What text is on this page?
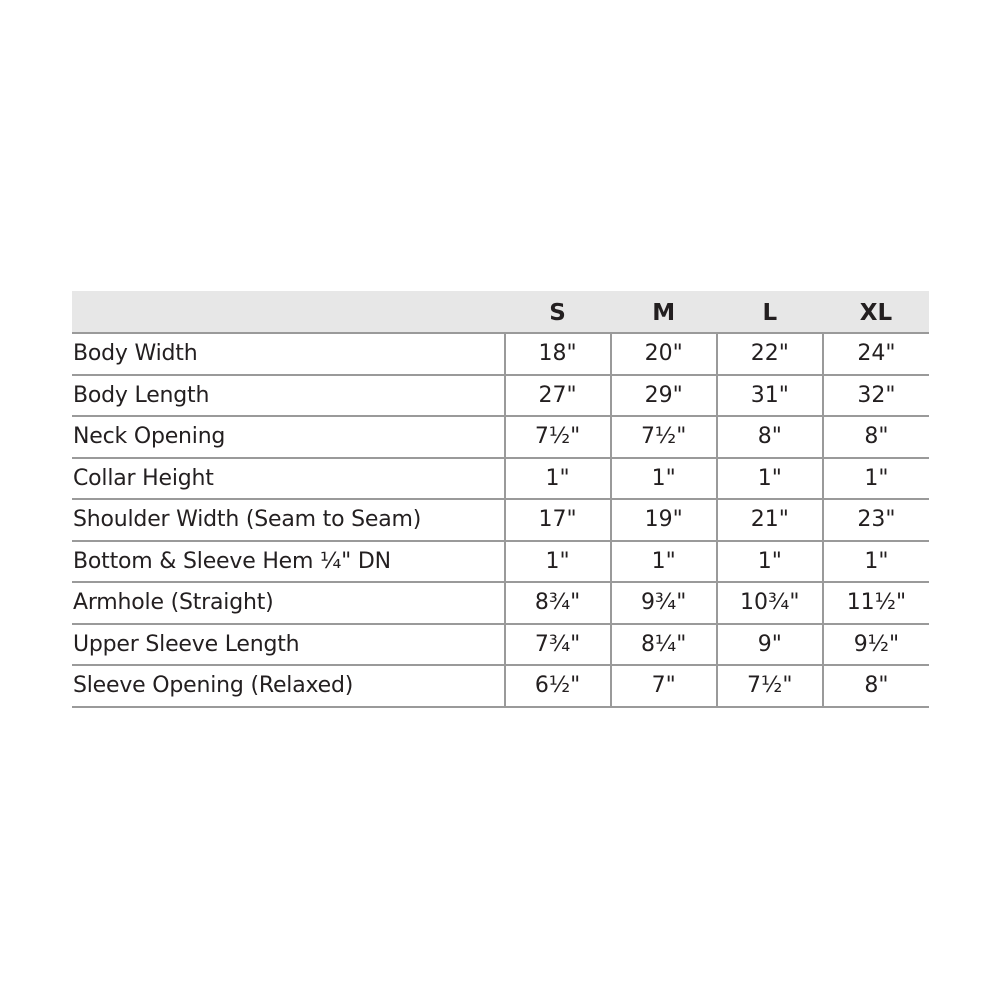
	S	M	L	XL
Body Width	18"	20"	22"	24"
Body Length	27"	29"	31"	32"
Neck Opening	7½"	7½"	8"	8"
Collar Height	1"	1"	1"	1"
Shoulder Width (Seam to Seam)	17"	19"	21"	23"
Bottom & Sleeve Hem ¼" DN	1"	1"	1"	1"
Armhole (Straight)	8¾"	9¾"	10¾"	11½"
Upper Sleeve Length	7¾"	8¼"	9"	9½"
Sleeve Opening (Relaxed)	6½"	7"	7½"	8"
